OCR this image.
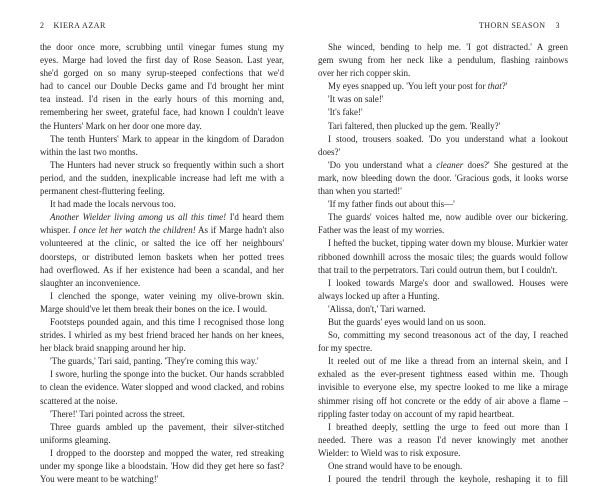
2 KIERA AZAR
the door once more, scrubbing until vinegar fumes stung my
eyes. Marge had loved the first day of Rose Season. Last year,
she'd gorged on so many syrup-steeped confections that we'd
had to cancel our Double Decks game and I'd brought her mint
tea instead. I'd risen in the early hours of this morning and,
remembering her sweet, grateful face, had known I couldn't leave
the Hunters' Mark on her door one more day.
The tenth Hunters' Mark to appear in the kingdom of Daradon
within the last two months.
The Hunters had never struck so frequently within such a short
period, and the sudden, inexplicable increase had left me with a
permanent chest-fluttering feeling.
It had made the locals nervous too.
Another Wielder living among us all this time! I'd heard them
whisper. I once let her watch the children! As if Marge hadn't also
volunteered at the clinic, or salted the ice off her neighbours'
doorsteps, or distributed lemon baskets when her potted trees
had overflowed. As if her existence had been a scandal, and her
slaughter an inconvenience.
I clenched the sponge, water veining my olive-brown skin.
Marge should've let them break their bones on the ice. I would.
Footsteps pounded again, and this time I recognised those long
strides. I whirled as my best friend braced her hands on her knees,
her black braid snapping around her hip.
'The guards,' Tari said, panting. 'They're coming this way.'
I swore, hurling the sponge into the bucket. Our hands scrabbled
to clean the evidence. Water slopped and wood clacked, and robins
scattered at the noise.
'There!' Tari pointed across the street.
Three guards ambled up the pavement, their silver-stitched
uniforms gleaming.
I dropped to the doorstep and mopped the water, red streaking
under my sponge like a bloodstain. 'How did they get here so fast?
You were meant to be watching!'
THORN SEASON 3
She winced, bending to help me. 'I got distracted.' A green
gem swung from her neck like a pendulum, flashing rainbows
over her rich copper skin.
My eyes snapped up. 'You left your post for that?'
'It was on sale!'
'It's fake!'
Tari faltered, then plucked up the gem. 'Really?'
I stood, trousers soaked. 'Do you understand what a lookout
does?'
'Do you understand what a cleaner does?' She gestured at the
mark, now bleeding down the door. 'Gracious gods, it looks worse
than when you started!'
'If my father finds out about this—'
The guards' voices halted me, now audible over our bickering.
Father was the least of my worries.
I hefted the bucket, tipping water down my blouse. Murkier water
ribboned downhill across the mosaic tiles; the guards would follow
that trail to the perpetrators. Tari could outrun them, but I couldn't.
I looked towards Marge's door and swallowed. Houses were
always locked up after a Hunting.
'Alissa, don't,' Tari warned.
But the guards' eyes would land on us soon.
So, committing my second treasonous act of the day, I reached
for my spectre.
It reeled out of me like a thread from an internal skein, and I
exhaled as the ever-present tightness eased within me. Though
invisible to everyone else, my spectre looked to me like a mirage
shimmer rising off hot concrete or the eddy of air above a flame –
rippling faster today on account of my rapid heartbeat.
I breathed deeply, settling the urge to feed out more than I
needed. There was a reason I'd never knowingly met another
Wielder: to Wield was to risk exposure.
One strand would have to be enough.
I poured the tendril through the keyhole, reshaping it to fill
